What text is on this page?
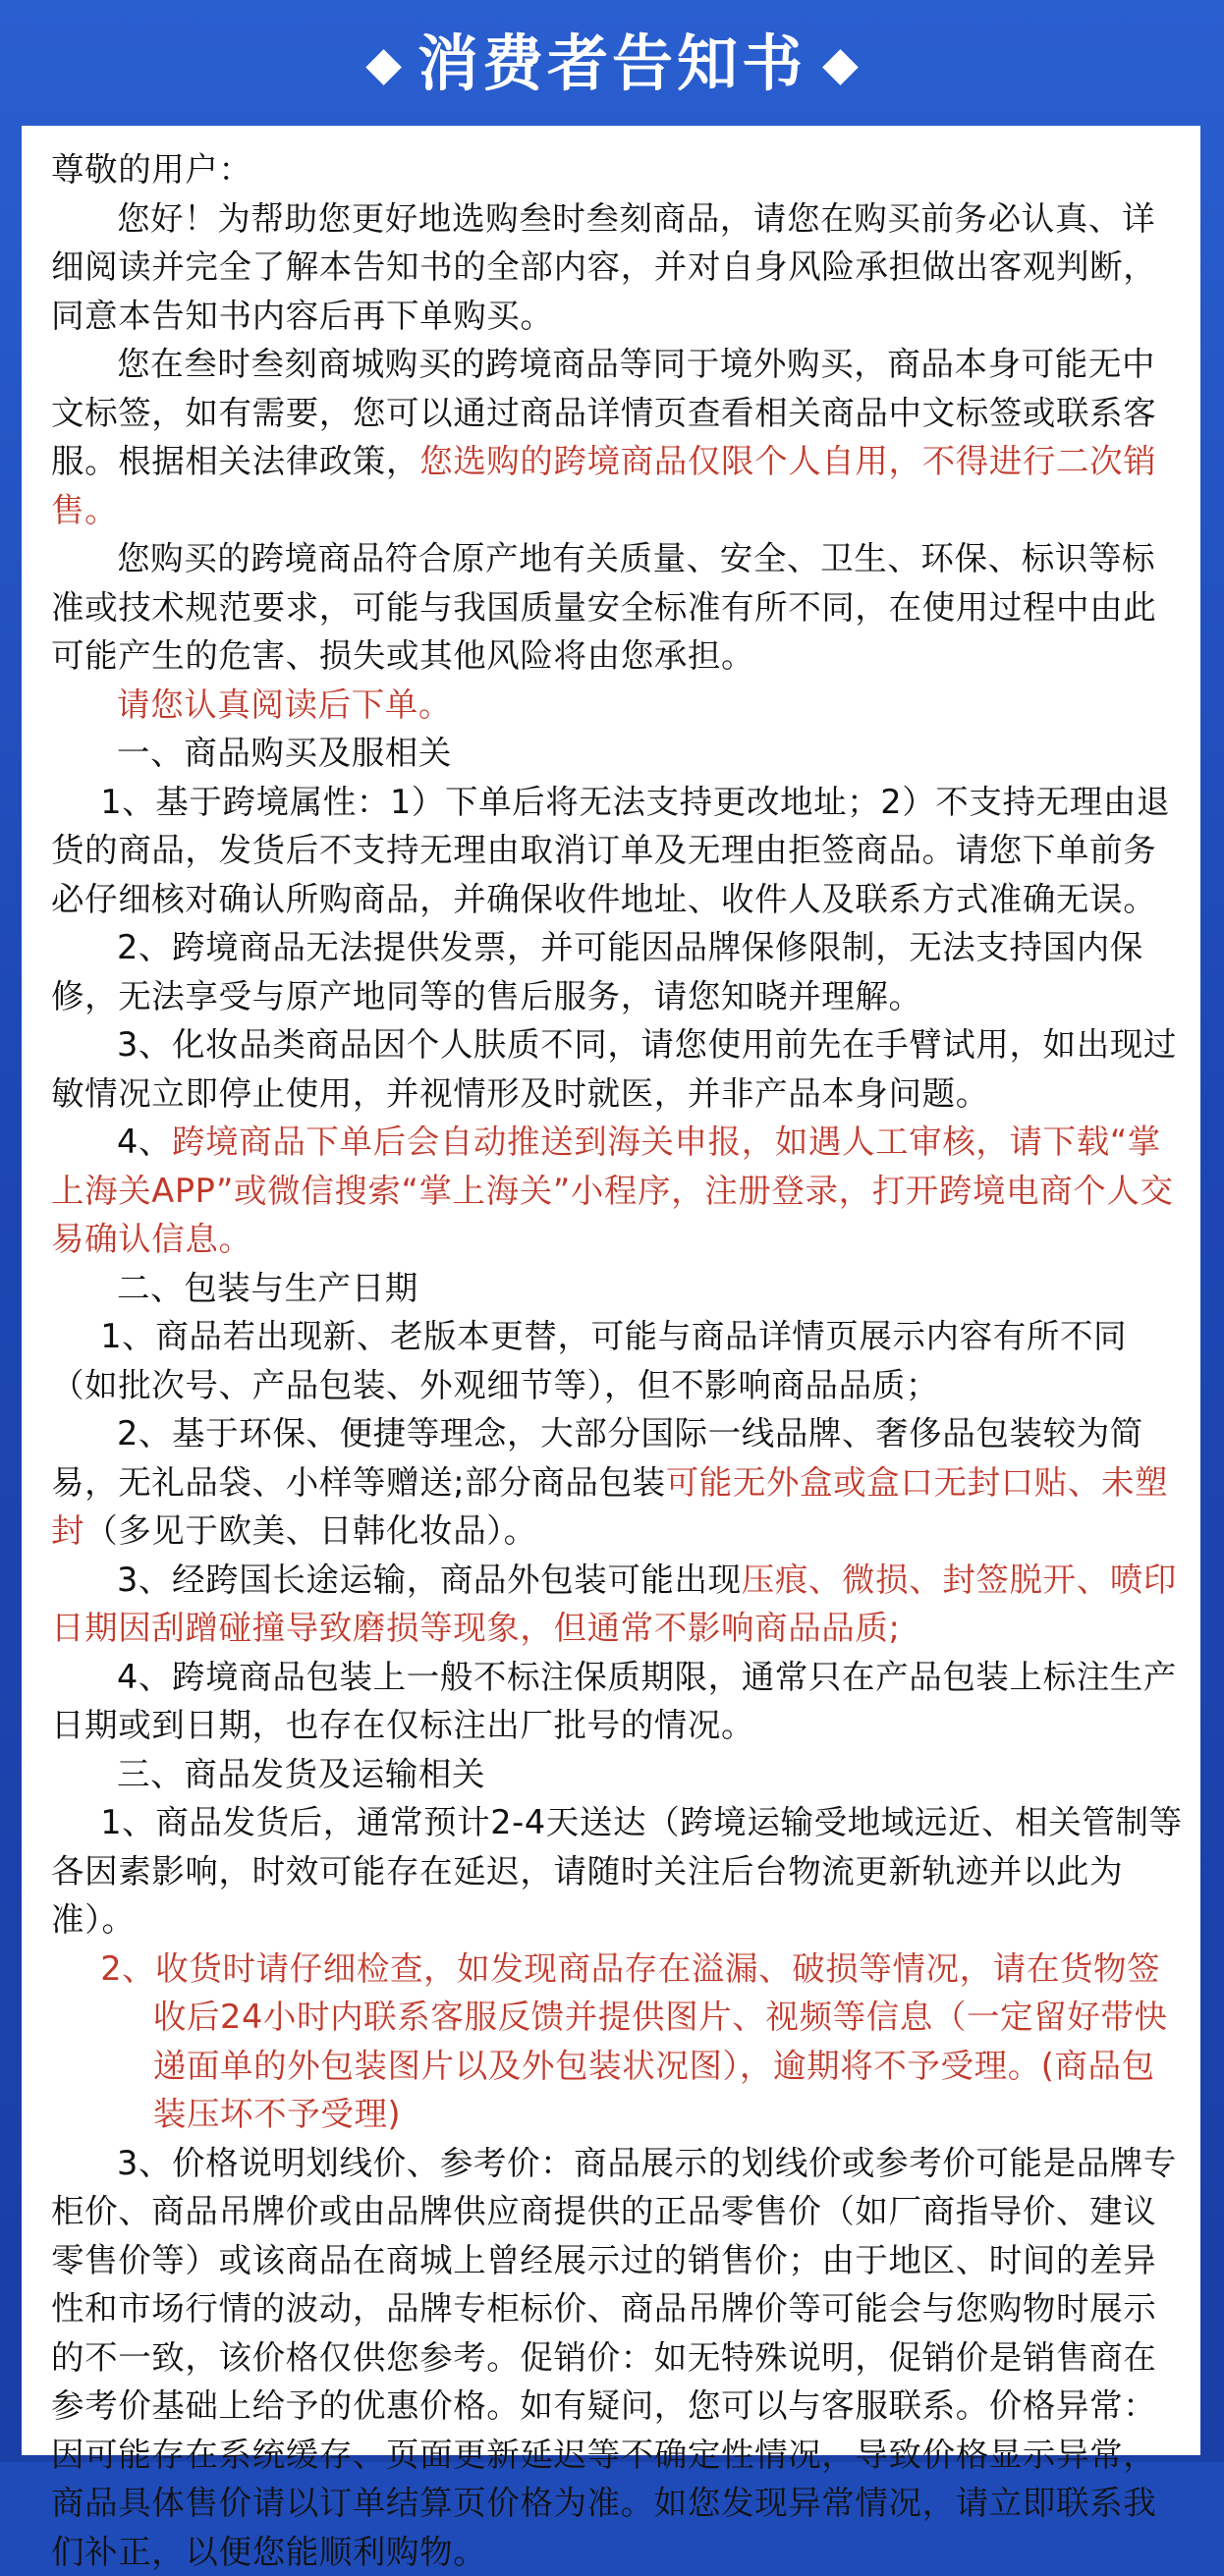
◆ 消费者告知书 ◆

尊敬的用户：

您好！为帮助您更好地选购叁时叁刻商品，请您在购买前务必认真、详细阅读并完全了解本告知书的全部内容，并对自身风险承担做出客观判断，同意本告知书内容后再下单购买。

您在叁时叁刻商城购买的跨境商品等同于境外购买，商品本身可能无中文标签，如有需要，您可以通过商品详情页查看相关商品中文标签或联系客服。根据相关法律政策，您选购的跨境商品仅限个人自用，不得进行二次销售。

您购买的跨境商品符合原产地有关质量、安全、卫生、环保、标识等标准或技术规范要求，可能与我国质量安全标准有所不同，在使用过程中由此可能产生的危害、损失或其他风险将由您承担。

请您认真阅读后下单。

一、商品购买及服相关

1、基于跨境属性：1）下单后将无法支持更改地址；2）不支持无理由退货的商品，发货后不支持无理由取消订单及无理由拒签商品。请您下单前务必仔细核对确认所购商品，并确保收件地址、收件人及联系方式准确无误。

2、跨境商品无法提供发票，并可能因品牌保修限制，无法支持国内保修，无法享受与原产地同等的售后服务，请您知晓并理解。

3、化妆品类商品因个人肤质不同，请您使用前先在手臂试用，如出现过敏情况立即停止使用，并视情形及时就医，并非产品本身问题。

4、跨境商品下单后会自动推送到海关申报，如遇人工审核，请下载“掌上海关APP”或微信搜索“掌上海关”小程序，注册登录，打开跨境电商个人交易确认信息。

二、包装与生产日期

1、商品若出现新、老版本更替，可能与商品详情页展示内容有所不同（如批次号、产品包装、外观细节等），但不影响商品品质；

2、基于环保、便捷等理念，大部分国际一线品牌、奢侈品包装较为简易，无礼品袋、小样等赠送;部分商品包装可能无外盒或盒口无封口贴、未塑封（多见于欧美、日韩化妆品）。

3、经跨国长途运输，商品外包装可能出现压痕、微损、封签脱开、喷印日期因刮蹭碰撞导致磨损等现象，但通常不影响商品品质;

4、跨境商品包装上一般不标注保质期限，通常只在产品包装上标注生产日期或到日期，也存在仅标注出厂批号的情况。

三、商品发货及运输相关

1、商品发货后，通常预计2-4天送达（跨境运输受地域远近、相关管制等各因素影响，时效可能存在延迟，请随时关注后台物流更新轨迹并以此为准）。

2、收货时请仔细检查，如发现商品存在溢漏、破损等情况，请在货物签收后24小时内联系客服反馈并提供图片、视频等信息（一定留好带快递面单的外包装图片以及外包装状况图），逾期将不予受理。(商品包装压坏不予受理)

3、价格说明划线价、参考价：商品展示的划线价或参考价可能是品牌专柜价、商品吊牌价或由品牌供应商提供的正品零售价（如厂商指导价、建议零售价等）或该商品在商城上曾经展示过的销售价；由于地区、时间的差异性和市场行情的波动，品牌专柜标价、商品吊牌价等可能会与您购物时展示的不一致，该价格仅供您参考。促销价：如无特殊说明，促销价是销售商在参考价基础上给予的优惠价格。如有疑问，您可以与客服联系。价格异常：因可能存在系统缓存、页面更新延迟等不确定性情况，导致价格显示异常，商品具体售价请以订单结算页价格为准。如您发现异常情况，请立即联系我们补正，以便您能顺利购物。
